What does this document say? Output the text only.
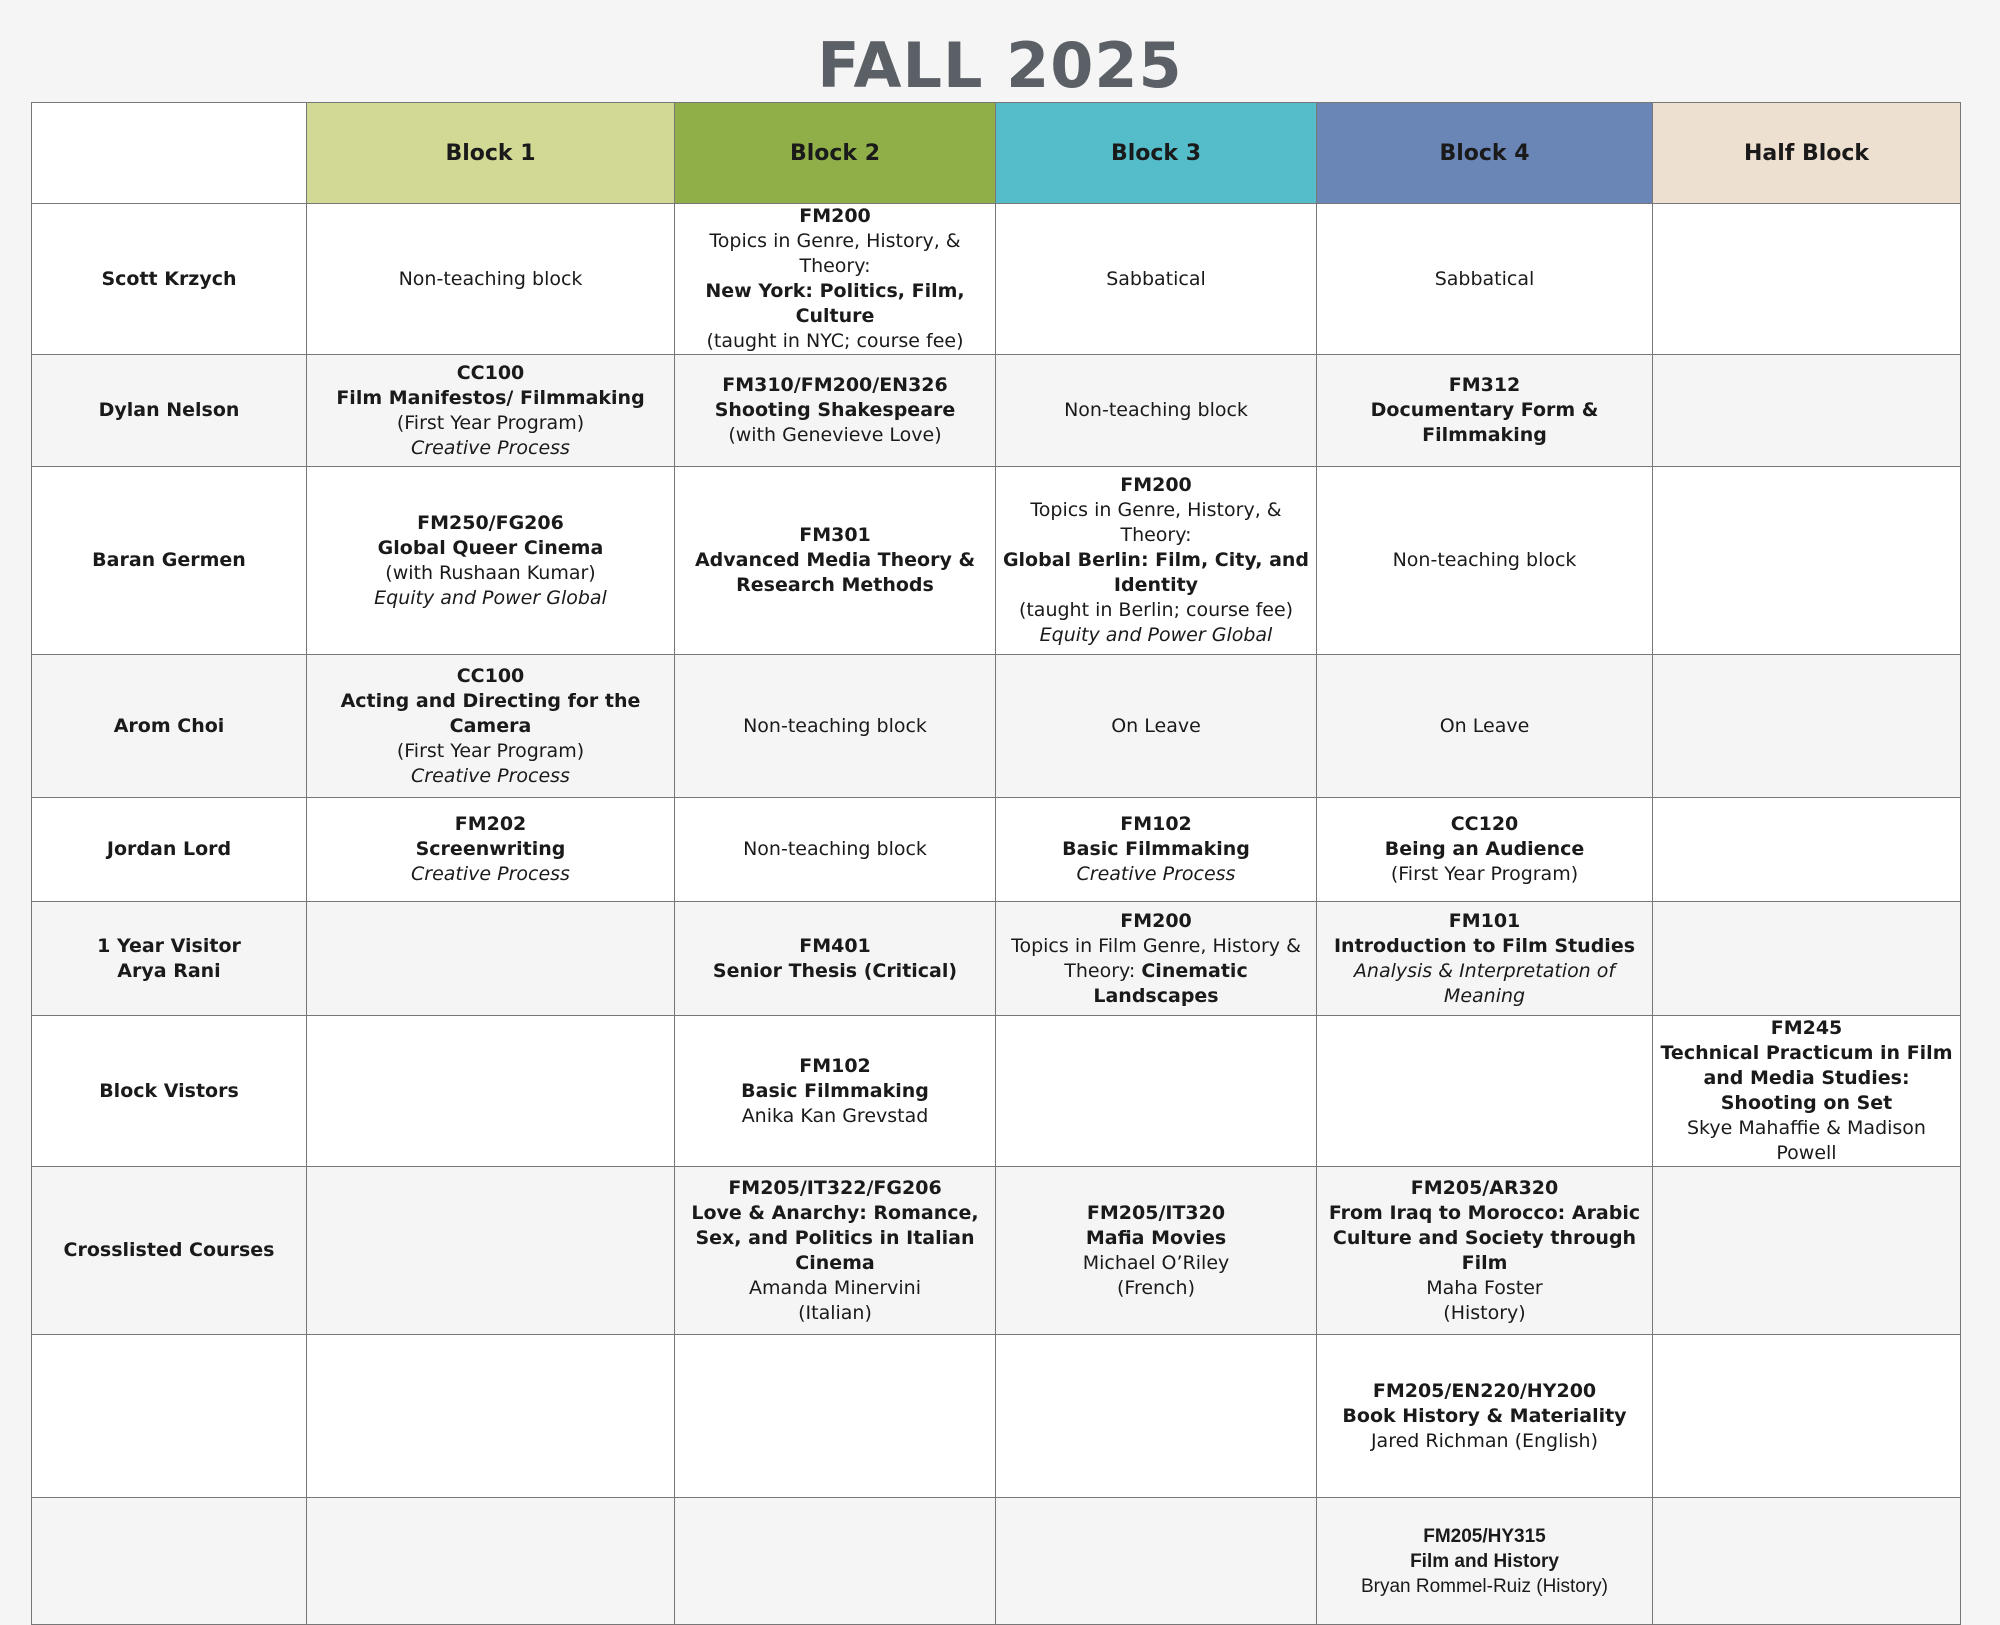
FALL 2025
	Block 1	Block 2	Block 3	Block 4	Half Block

Scott Krzych	Non-teaching block	FM200
Topics in Genre, History, & Theory:
New York: Politics, Film, Culture
(taught in NYC; course fee)	Sabbatical	Sabbatical	

Dylan Nelson	CC100
Film Manifestos/ Filmmaking
(First Year Program)
Creative Process	FM310/FM200/EN326
Shooting Shakespeare
(with Genevieve Love)	Non-teaching block	FM312
Documentary Form & Filmmaking	

Baran Germen	FM250/FG206
Global Queer Cinema
(with Rushaan Kumar)
Equity and Power Global	FM301
Advanced Media Theory & Research Methods	FM200
Topics in Genre, History, & Theory:
Global Berlin: Film, City, and Identity
(taught in Berlin; course fee)
Equity and Power Global	Non-teaching block	

Arom Choi	CC100
Acting and Directing for the Camera
(First Year Program)
Creative Process	Non-teaching block	On Leave	On Leave	

Jordan Lord	FM202
Screenwriting
Creative Process	Non-teaching block	FM102
Basic Filmmaking
Creative Process	CC120
Being an Audience
(First Year Program)	

1 Year Visitor
Arya Rani		FM401
Senior Thesis (Critical)	FM200
Topics in Film Genre, History & Theory: Cinematic Landscapes	FM101
Introduction to Film Studies
Analysis & Interpretation of Meaning	

Block Vistors		FM102
Basic Filmmaking
Anika Kan Grevstad			FM245
Technical Practicum in Film and Media Studies: Shooting on Set
Skye Mahaffie & Madison Powell

Crosslisted Courses		FM205/IT322/FG206
Love & Anarchy: Romance, Sex, and Politics in Italian Cinema
Amanda Minervini
(Italian)	FM205/IT320
Mafia Movies
Michael O’Riley
(French)	FM205/AR320
From Iraq to Morocco: Arabic Culture and Society through Film
Maha Foster
(History)	

				FM205/EN220/HY200
Book History & Materiality
Jared Richman (English)	

				FM205/HY315
Film and History
Bryan Rommel-Ruiz (History)	
